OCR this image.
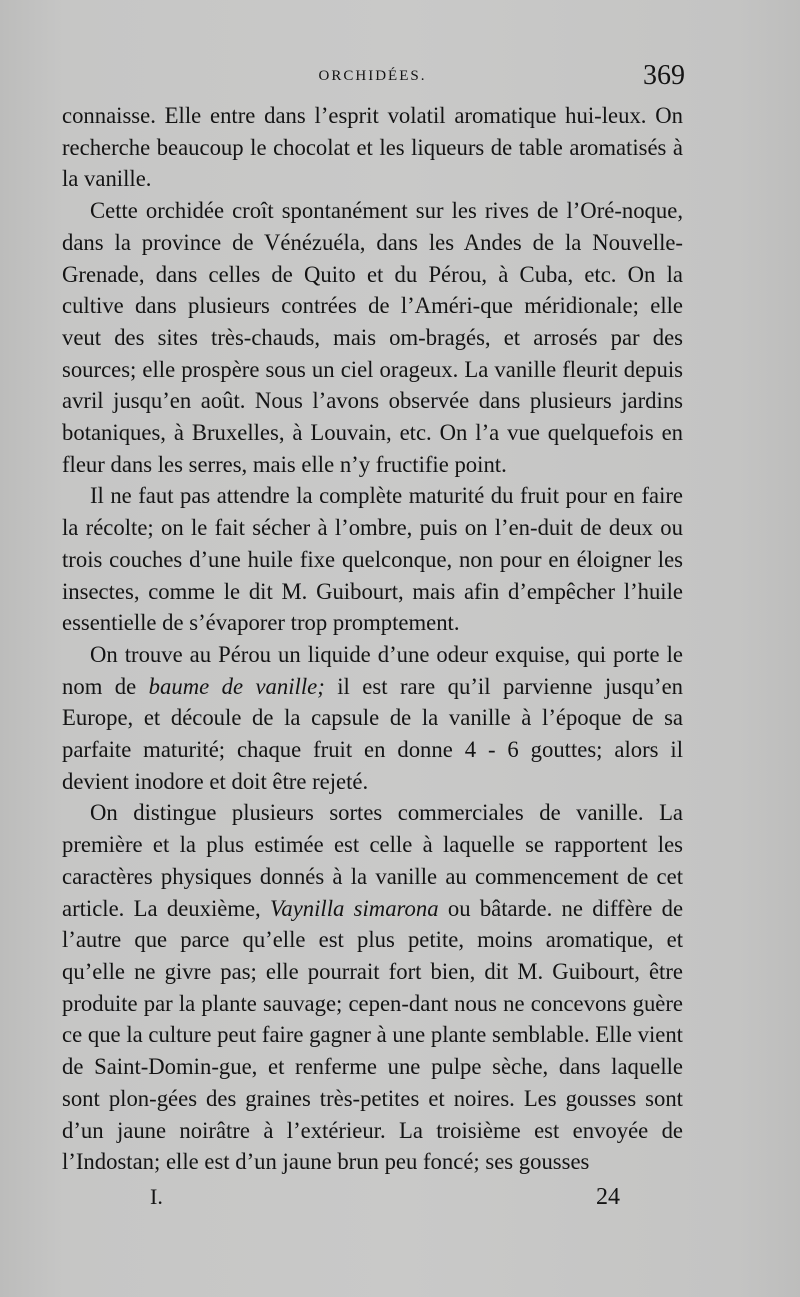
ORCHIDÉES.	369

connaisse. Elle entre dans l’esprit volatil aromatique hui-leux. On recherche beaucoup le chocolat et les liqueurs de table aromatisés à la vanille.

Cette orchidée croît spontanément sur les rives de l’Oré-noque, dans la province de Vénézuéla, dans les Andes de la Nouvelle-Grenade, dans celles de Quito et du Pérou, à Cuba, etc. On la cultive dans plusieurs contrées de l’Améri-que méridionale; elle veut des sites très-chauds, mais om-bragés, et arrosés par des sources; elle prospère sous un ciel orageux. La vanille fleurit depuis avril jusqu’en août. Nous l’avons observée dans plusieurs jardins botaniques, à Bruxelles, à Louvain, etc. On l’a vue quelquefois en fleur dans les serres, mais elle n’y fructifie point.

Il ne faut pas attendre la complète maturité du fruit pour en faire la récolte; on le fait sécher à l’ombre, puis on l’en-duit de deux ou trois couches d’une huile fixe quelconque, non pour en éloigner les insectes, comme le dit M. Guibourt, mais afin d’empêcher l’huile essentielle de s’évaporer trop promptement.

On trouve au Pérou un liquide d’une odeur exquise, qui porte le nom de baume de vanille; il est rare qu’il parvienne jusqu’en Europe, et découle de la capsule de la vanille à l’époque de sa parfaite maturité; chaque fruit en donne 4 - 6 gouttes; alors il devient inodore et doit être rejeté.

On distingue plusieurs sortes commerciales de vanille. La première et la plus estimée est celle à laquelle se rapportent les caractères physiques donnés à la vanille au commencement de cet article. La deuxième, Vaynilla simarona ou bâtarde. ne diffère de l’autre que parce qu’elle est plus petite, moins aromatique, et qu’elle ne givre pas; elle pourrait fort bien, dit M. Guibourt, être produite par la plante sauvage; cepen-dant nous ne concevons guère ce que la culture peut faire gagner à une plante semblable. Elle vient de Saint-Domin-gue, et renferme une pulpe sèche, dans laquelle sont plon-gées des graines très-petites et noires. Les gousses sont d’un jaune noirâtre à l’extérieur. La troisième est envoyée de l’Indostan; elle est d’un jaune brun peu foncé; ses gousses

I.	24
